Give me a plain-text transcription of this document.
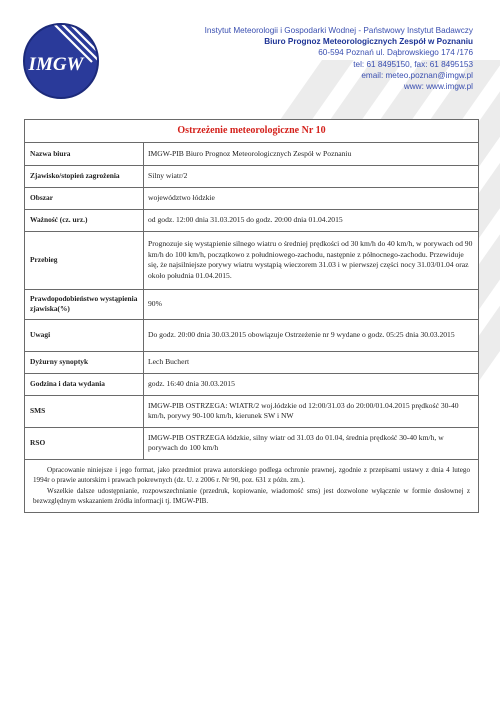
IMGW
Instytut Meteorologii i Gospodarki Wodnej - Państwowy Instytut Badawczy
Biuro Prognoz Meteorologicznych Zespół w Poznaniu
60-594 Poznań ul. Dąbrowskiego 174 /176
tel: 61 8495150, fax: 61 8495153
email: meteo.poznan@imgw.pl
www: www.imgw.pl
Ostrzeżenie meteorologiczne Nr 10
Nazwa biura	IMGW-PIB Biuro Prognoz Meteorologicznych Zespół w Poznaniu
Zjawisko/stopień zagrożenia	Silny wiatr/2
Obszar	województwo łódzkie
Ważność (cz. urz.)	od godz. 12:00 dnia 31.03.2015 do godz. 20:00 dnia 01.04.2015
Przebieg	Prognozuje się wystąpienie silnego wiatru o średniej prędkości od 30 km/h do 40 km/h, w porywach od 90 km/h do 100 km/h, początkowo z południowego-zachodu, następnie z północnego-zachodu. Przewiduje się, że najsilniejsze porywy wiatru wystąpią wieczorem 31.03 i w pierwszej części nocy 31.03/01.04 oraz około południa 01.04.2015.
Prawdopodobieństwo wystąpienia zjawiska(%)	90%
Uwagi	Do godz. 20:00 dnia 30.03.2015 obowiązuje Ostrzeżenie nr 9 wydane o godz. 05:25 dnia 30.03.2015
Dyżurny synoptyk	Lech Buchert
Godzina i data wydania	godz. 16:40 dnia 30.03.2015
SMS	IMGW-PIB OSTRZEGA: WIATR/2 woj.łódzkie od 12:00/31.03 do 20:00/01.04.2015 prędkość 30-40 km/h, porywy 90-100 km/h, kierunek SW i NW
RSO	IMGW-PIB OSTRZEGA łódzkie, silny wiatr od 31.03 do 01.04, średnia prędkość 30-40 km/h, w porywach do 100 km/h

Opracowanie niniejsze i jego format, jako przedmiot prawa autorskiego podlega ochronie prawnej, zgodnie z przepisami ustawy z dnia 4 lutego 1994r o prawie autorskim i prawach pokrewnych (dz. U. z 2006 r. Nr 90, poz. 631 z późn. zm.).

Wszelkie dalsze udostępnianie, rozpowszechnianie (przedruk, kopiowanie, wiadomość sms) jest dozwolone wyłącznie w formie dosłownej z bezwzględnym wskazaniem źródła informacji tj. IMGW-PIB.
